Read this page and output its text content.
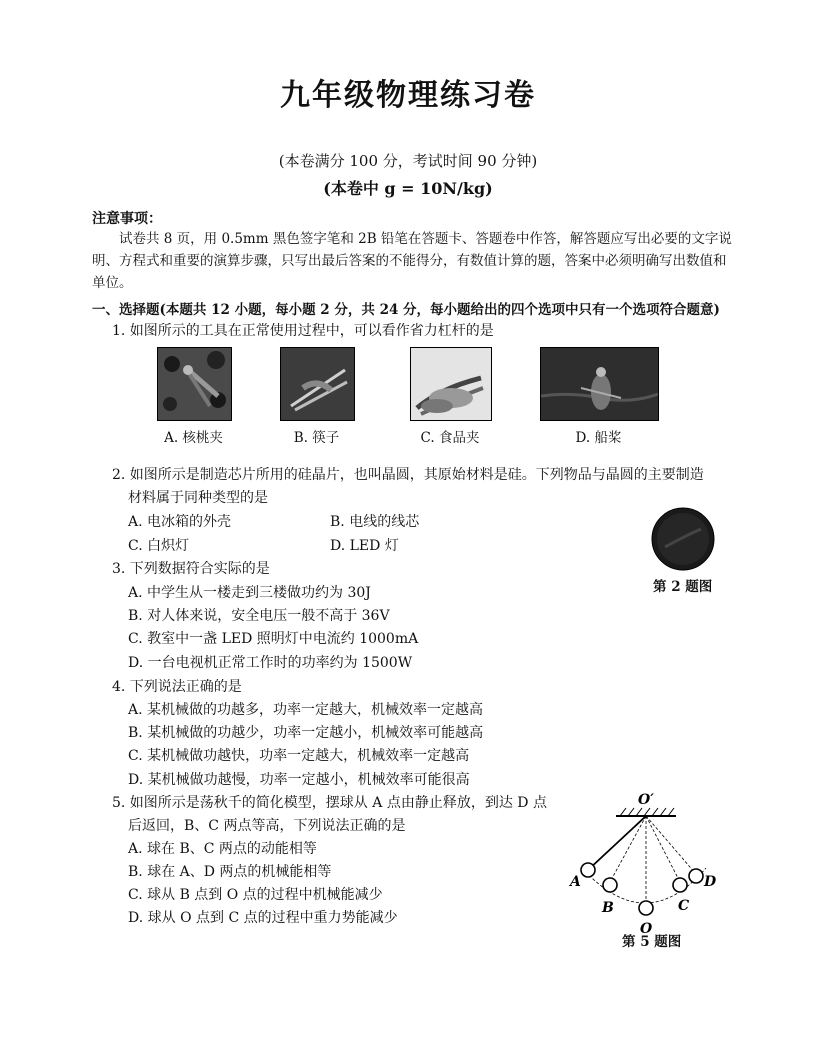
九年级物理练习卷
(本卷满分 100 分，考试时间 90 分钟)
(本卷中 g = 10N/kg)
注意事项：
试卷共 8 页，用 0.5mm 黑色签字笔和 2B 铅笔在答题卡、答题卷中作答，解答题应写出必要的文字说明、方程式和重要的演算步骤，只写出最后答案的不能得分，有数值计算的题，答案中必须明确写出数值和单位。
一、选择题(本题共 12 小题，每小题 2 分，共 24 分，每小题给出的四个选项中只有一个选项符合题意)
1. 如图所示的工具在正常使用过程中，可以看作省力杠杆的是
A. 核桃夹	B. 筷子	C. 食品夹	D. 船桨
2. 如图所示是制造芯片所用的硅晶片，也叫晶圆，其原始材料是硅。下列物品与晶圆的主要制造
材料属于同种类型的是
A. 电冰箱的外壳	B. 电线的线芯
C. 白炽灯	D. LED 灯
第 2 题图
3. 下列数据符合实际的是
A. 中学生从一楼走到三楼做功约为 30J
B. 对人体来说，安全电压一般不高于 36V
C. 教室中一盏 LED 照明灯中电流约 1000mA
D. 一台电视机正常工作时的功率约为 1500W
4. 下列说法正确的是
A. 某机械做的功越多，功率一定越大，机械效率一定越高
B. 某机械做的功越少，功率一定越小，机械效率可能越高
C. 某机械做功越快，功率一定越大，机械效率一定越高
D. 某机械做功越慢，功率一定越小，机械效率可能很高
5. 如图所示是荡秋千的简化模型，摆球从 A 点由静止释放，到达 D 点
后返回，B、C 两点等高，下列说法正确的是
A. 球在 B、C 两点的动能相等
B. 球在 A、D 两点的机械能相等
C. 球从 B 点到 O 点的过程中机械能减少
D. 球从 O 点到 C 点的过程中重力势能减少
O′
A
B
O
C
D
第 5 题图
